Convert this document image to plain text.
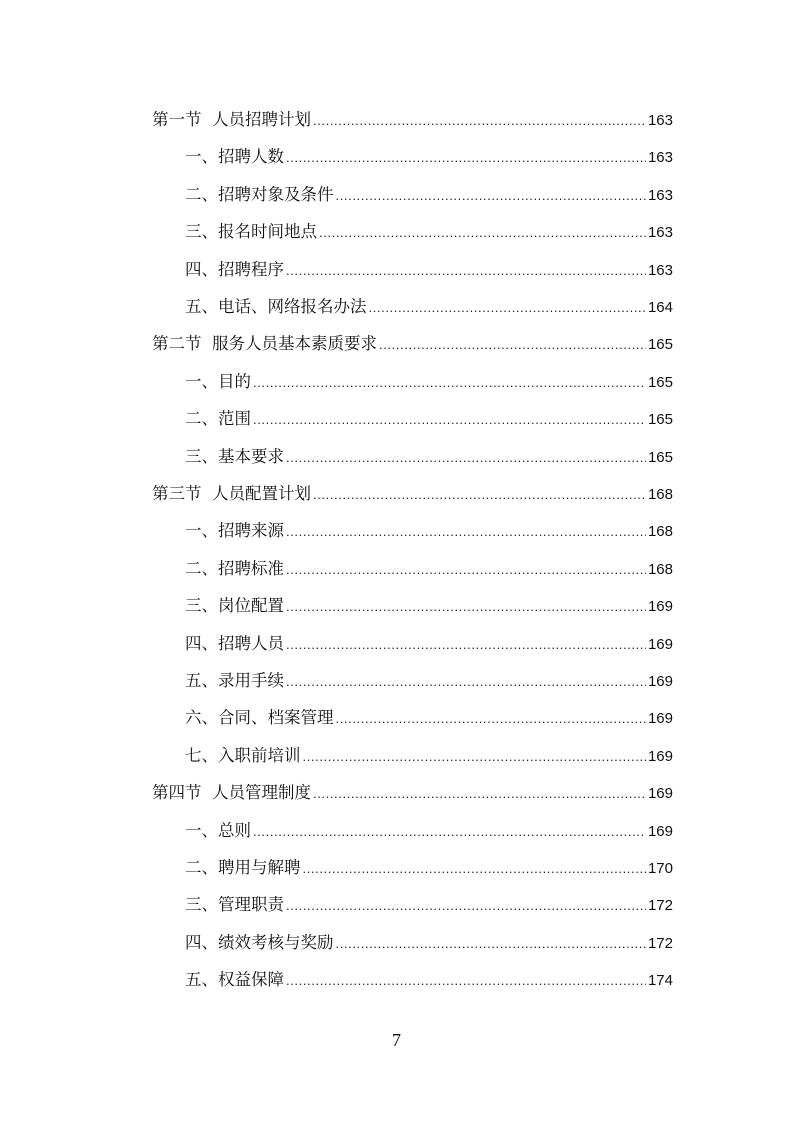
第一节  人员招聘计划 .....	163
一、招聘人数 .....	163
二、招聘对象及条件 .....	163
三、报名时间地点 .....	163
四、招聘程序 .....	163
五、电话、网络报名办法 .....	164
第二节  服务人员基本素质要求 .....	165
一、目的 .....	165
二、范围 .....	165
三、基本要求 .....	165
第三节  人员配置计划 .....	168
一、招聘来源 .....	168
二、招聘标准 .....	168
三、岗位配置 .....	169
四、招聘人员 .....	169
五、录用手续 .....	169
六、合同、档案管理 .....	169
七、入职前培训 .....	169
第四节  人员管理制度 .....	169
一、总则 .....	169
二、聘用与解聘 .....	170
三、管理职责 .....	172
四、绩效考核与奖励 .....	172
五、权益保障 .....	174
7
